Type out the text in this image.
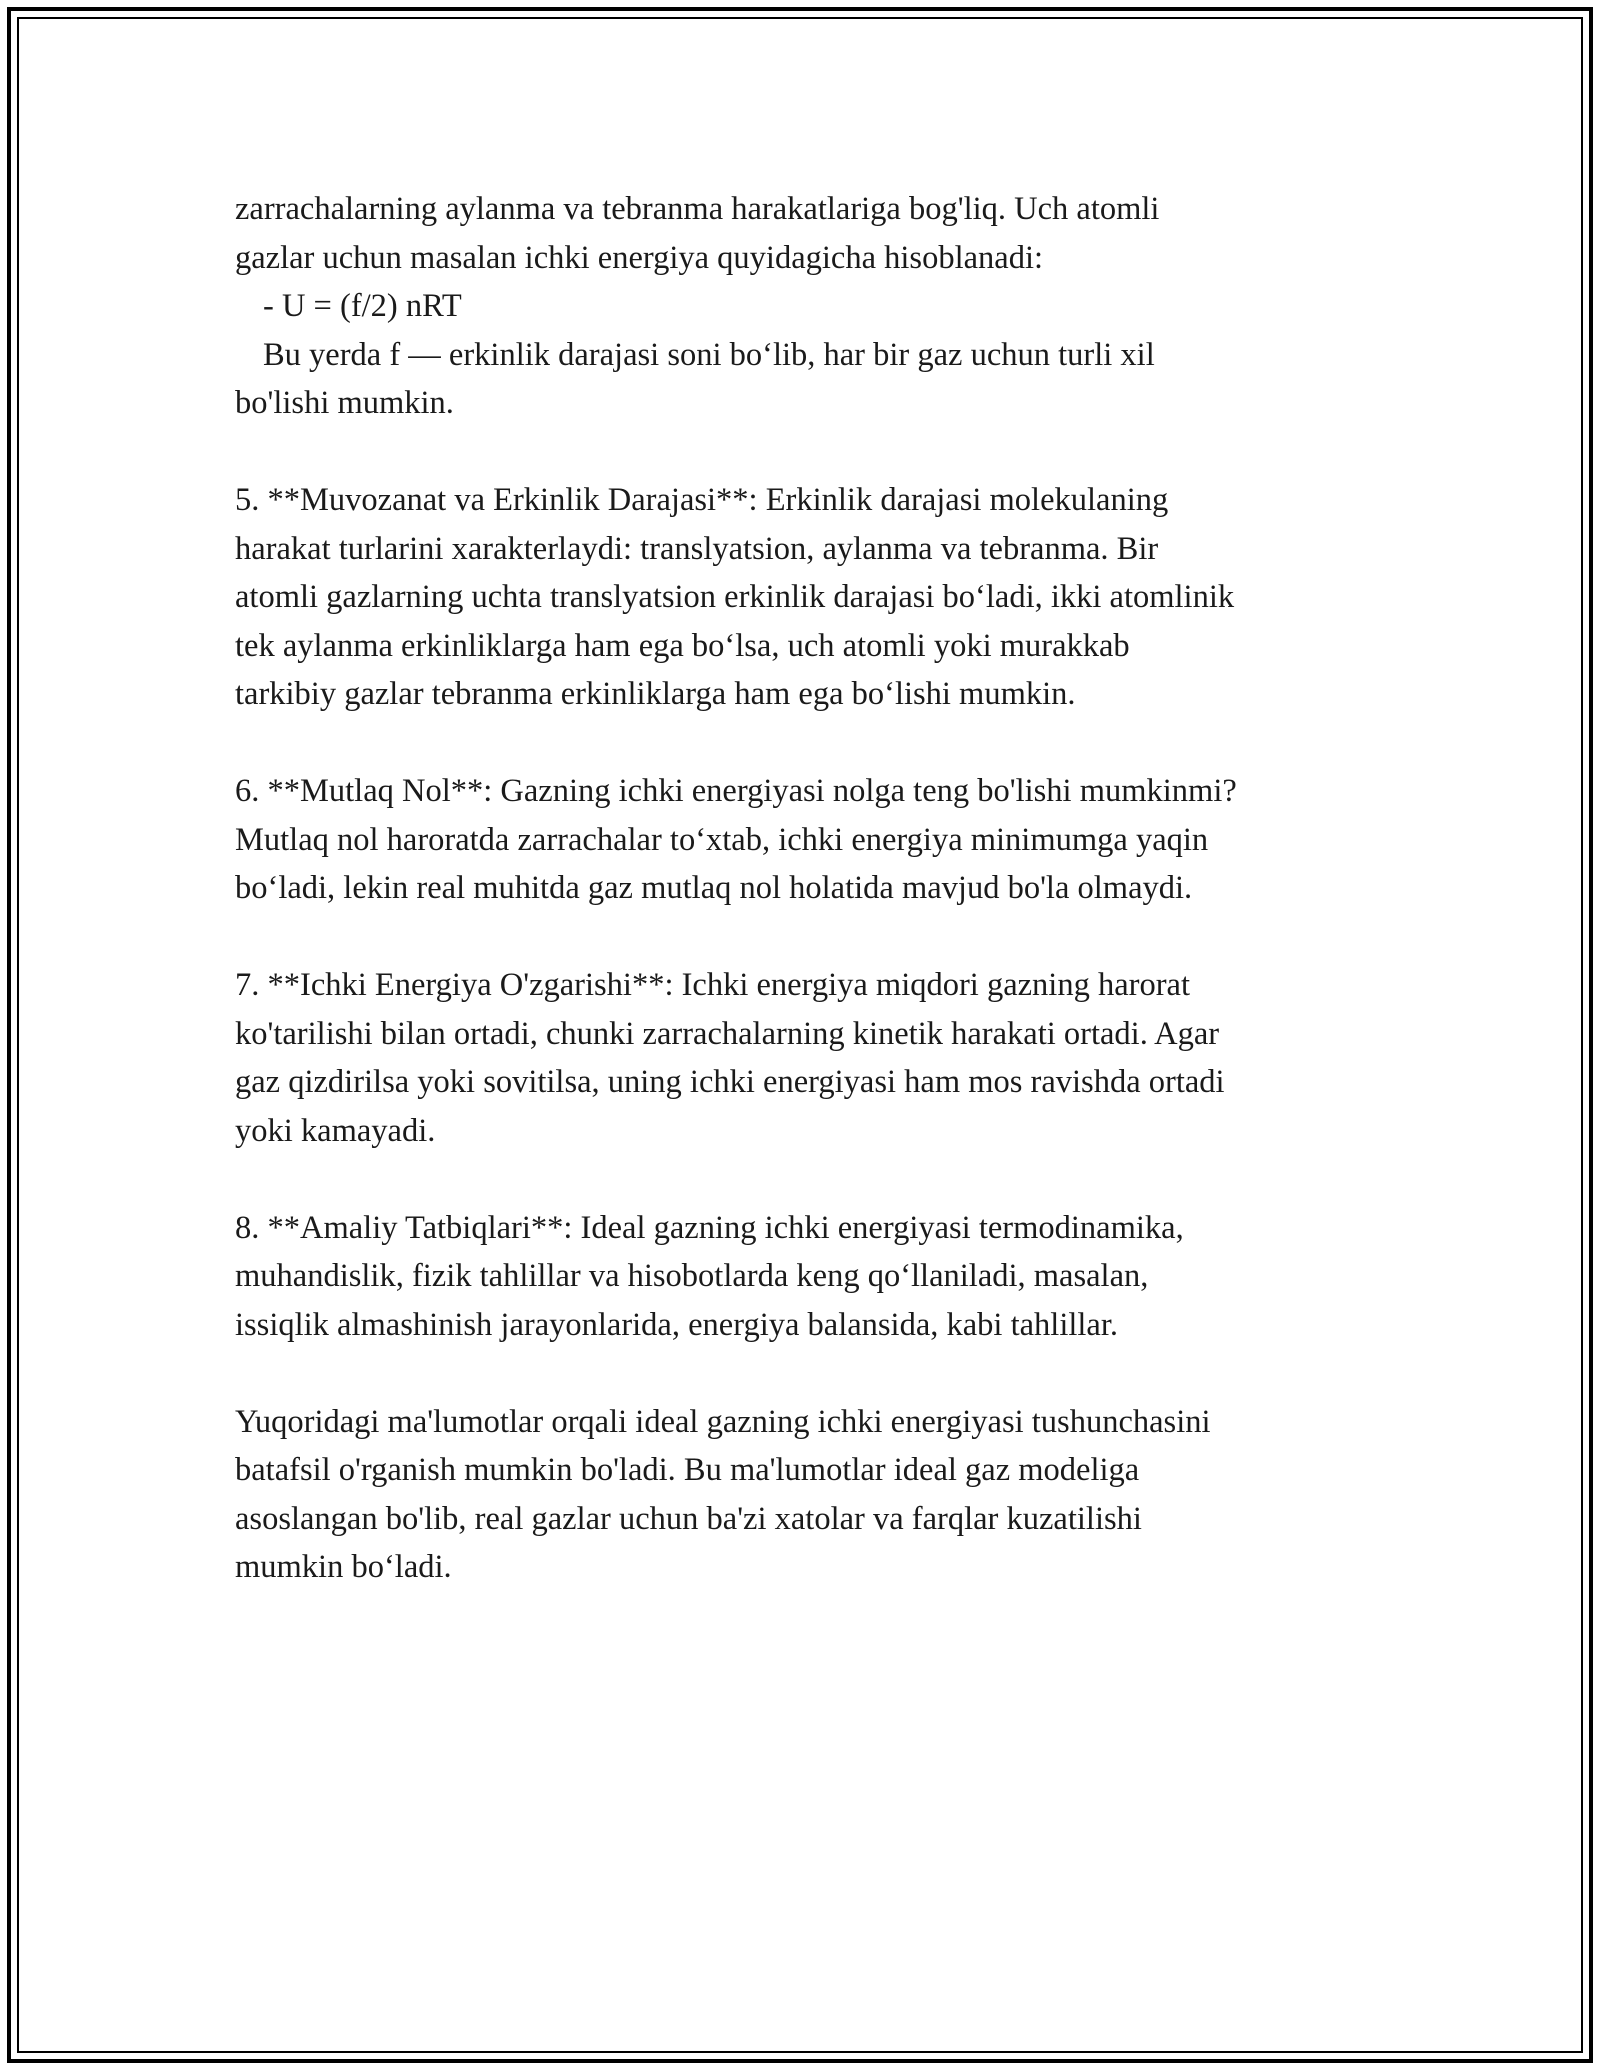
zarrachalarning aylanma va tebranma harakatlariga bog'liq. Uch atomli
gazlar uchun masalan ichki energiya quyidagicha hisoblanadi:
- U = (f/2) nRT
Bu yerda f — erkinlik darajasi soni bo‘lib, har bir gaz uchun turli xil
bo'lishi mumkin.
5. **Muvozanat va Erkinlik Darajasi**: Erkinlik darajasi molekulaning
harakat turlarini xarakterlaydi: translyatsion, aylanma va tebranma. Bir
atomli gazlarning uchta translyatsion erkinlik darajasi bo‘ladi, ikki atomlinik
tek aylanma erkinliklarga ham ega bo‘lsa, uch atomli yoki murakkab
tarkibiy gazlar tebranma erkinliklarga ham ega bo‘lishi mumkin.
6. **Mutlaq Nol**: Gazning ichki energiyasi nolga teng bo'lishi mumkinmi?
Mutlaq nol haroratda zarrachalar to‘xtab, ichki energiya minimumga yaqin
bo‘ladi, lekin real muhitda gaz mutlaq nol holatida mavjud bo'la olmaydi.
7. **Ichki Energiya O'zgarishi**: Ichki energiya miqdori gazning harorat
ko'tarilishi bilan ortadi, chunki zarrachalarning kinetik harakati ortadi. Agar
gaz qizdirilsa yoki sovitilsa, uning ichki energiyasi ham mos ravishda ortadi
yoki kamayadi.
8. **Amaliy Tatbiqlari**: Ideal gazning ichki energiyasi termodinamika,
muhandislik, fizik tahlillar va hisobotlarda keng qo‘llaniladi, masalan,
issiqlik almashinish jarayonlarida, energiya balansida, kabi tahlillar.
Yuqoridagi ma'lumotlar orqali ideal gazning ichki energiyasi tushunchasini
batafsil o'rganish mumkin bo'ladi. Bu ma'lumotlar ideal gaz modeliga
asoslangan bo'lib, real gazlar uchun ba'zi xatolar va farqlar kuzatilishi
mumkin bo‘ladi.
